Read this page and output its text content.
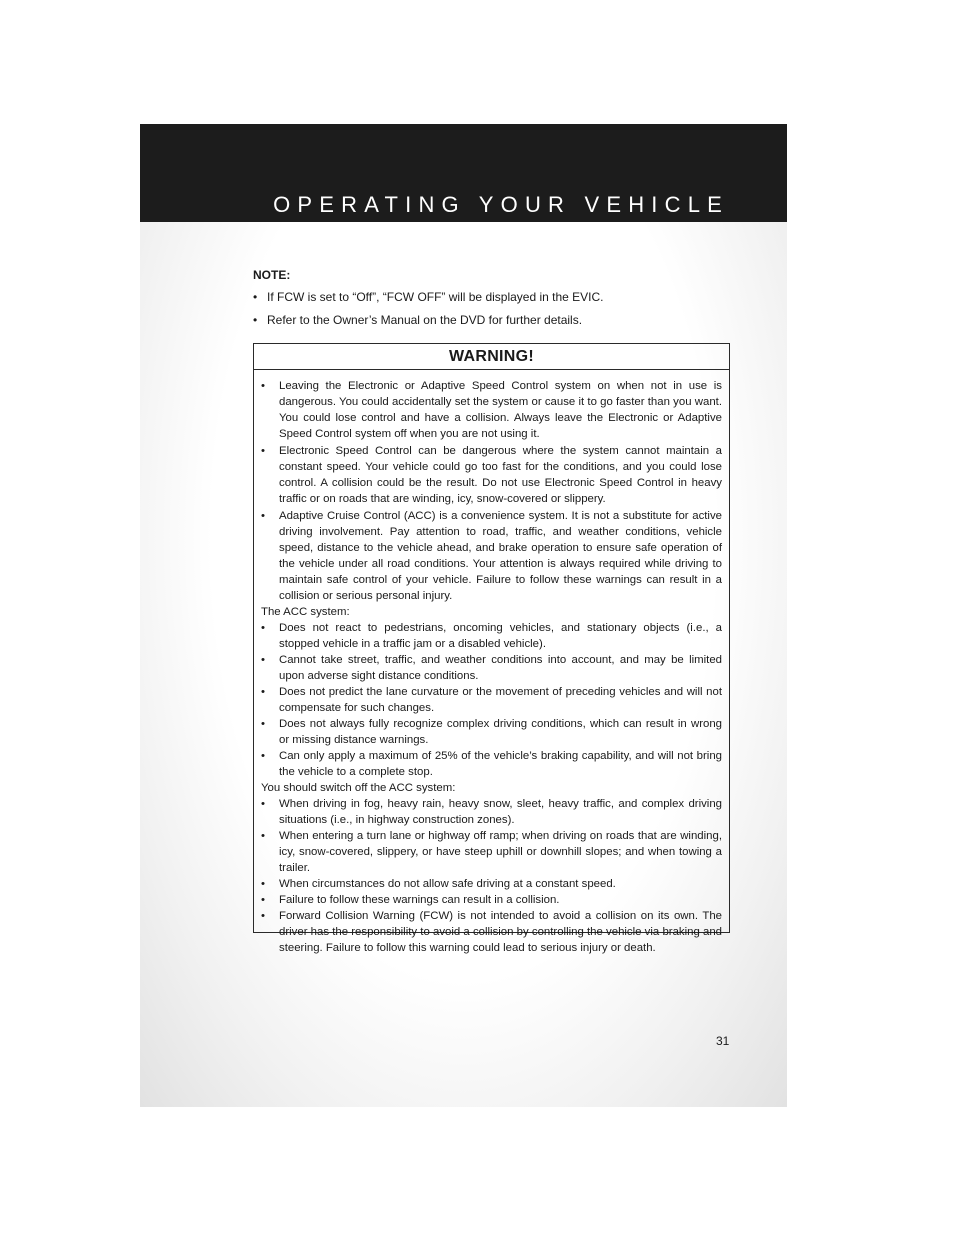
OPERATING YOUR VEHICLE
NOTE:
• If FCW is set to “Off”, “FCW OFF” will be displayed in the EVIC.
• Refer to the Owner’s Manual on the DVD for further details.
WARNING!
• Leaving the Electronic or Adaptive Speed Control system on when not in use is dangerous. You could accidentally set the system or cause it to go faster than you want. You could lose control and have a collision. Always leave the Electronic or Adaptive Speed Control system off when you are not using it.
• Electronic Speed Control can be dangerous where the system cannot maintain a constant speed. Your vehicle could go too fast for the conditions, and you could lose control. A collision could be the result. Do not use Electronic Speed Control in heavy traffic or on roads that are winding, icy, snow-covered or slippery.
• Adaptive Cruise Control (ACC) is a convenience system. It is not a substitute for active driving involvement. Pay attention to road, traffic, and weather conditions, vehicle speed, distance to the vehicle ahead, and brake operation to ensure safe operation of the vehicle under all road conditions. Your attention is always required while driving to maintain safe control of your vehicle. Failure to follow these warnings can result in a collision or serious personal injury.

The ACC system:

• Does not react to pedestrians, oncoming vehicles, and stationary objects (i.e., a stopped vehicle in a traffic jam or a disabled vehicle).
• Cannot take street, traffic, and weather conditions into account, and may be limited upon adverse sight distance conditions.
• Does not predict the lane curvature or the movement of preceding vehicles and will not compensate for such changes.
• Does not always fully recognize complex driving conditions, which can result in wrong or missing distance warnings.
• Can only apply a maximum of 25% of the vehicle’s braking capability, and will not bring the vehicle to a complete stop.

You should switch off the ACC system:

• When driving in fog, heavy rain, heavy snow, sleet, heavy traffic, and complex driving situations (i.e., in highway construction zones).
• When entering a turn lane or highway off ramp; when driving on roads that are winding, icy, snow-covered, slippery, or have steep uphill or downhill slopes; and when towing a trailer.
• When circumstances do not allow safe driving at a constant speed.
• Failure to follow these warnings can result in a collision.
• Forward Collision Warning (FCW) is not intended to avoid a collision on its own. The driver has the responsibility to avoid a collision by controlling the vehicle via braking and steering. Failure to follow this warning could lead to serious injury or death.
31
